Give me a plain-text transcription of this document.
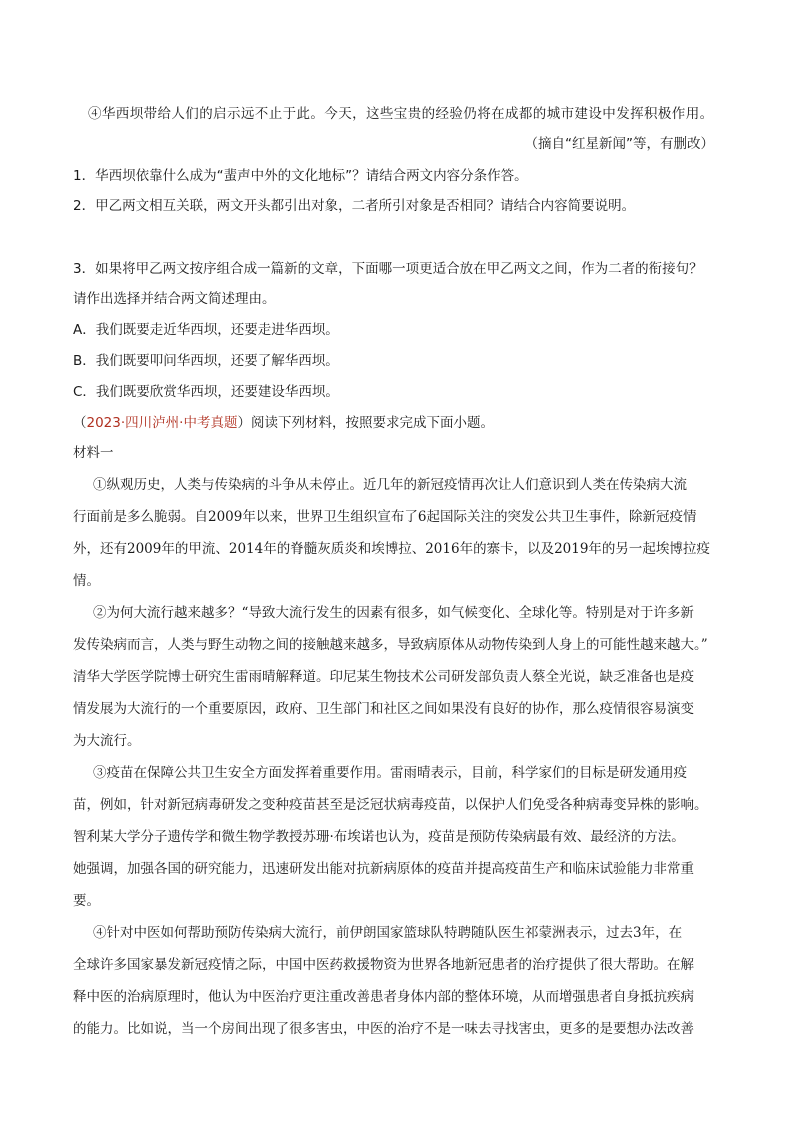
④华西坝带给人们的启示远不止于此。今天，这些宝贵的经验仍将在成都的城市建设中发挥积极作用。
（摘自“红星新闻”等，有删改）
1．华西坝依靠什么成为“蜚声中外的文化地标”？请结合两文内容分条作答。
2．甲乙两文相互关联，两文开头都引出对象，二者所引对象是否相同？请结合内容简要说明。
3．如果将甲乙两文按序组合成一篇新的文章，下面哪一项更适合放在甲乙两文之间，作为二者的衔接句？
请作出选择并结合两文简述理由。
A．我们既要走近华西坝，还要走进华西坝。
B．我们既要叩问华西坝，还要了解华西坝。
C．我们既要欣赏华西坝，还要建设华西坝。
（2023·四川泸州·中考真题）阅读下列材料，按照要求完成下面小题。
材料一
①纵观历史，人类与传染病的斗争从未停止。近几年的新冠疫情再次让人们意识到人类在传染病大流
行面前是多么脆弱。自2009年以来，世界卫生组织宣布了6起国际关注的突发公共卫生事件，除新冠疫情
外，还有2009年的甲流、2014年的脊髓灰质炎和埃博拉、2016年的寨卡，以及2019年的另一起埃博拉疫
情。
②为何大流行越来越多？“导致大流行发生的因素有很多，如气候变化、全球化等。特别是对于许多新
发传染病而言，人类与野生动物之间的接触越来越多，导致病原体从动物传染到人身上的可能性越来越大。”
清华大学医学院博士研究生雷雨晴解释道。印尼某生物技术公司研发部负责人蔡全光说，缺乏准备也是疫
情发展为大流行的一个重要原因，政府、卫生部门和社区之间如果没有良好的协作，那么疫情很容易演变
为大流行。
③疫苗在保障公共卫生安全方面发挥着重要作用。雷雨晴表示，目前，科学家们的目标是研发通用疫
苗，例如，针对新冠病毒研发之变种疫苗甚至是泛冠状病毒疫苗，以保护人们免受各种病毒变异株的影响。
智利某大学分子遗传学和微生物学教授苏珊·布埃诺也认为，疫苗是预防传染病最有效、最经济的方法。
她强调，加强各国的研究能力，迅速研发出能对抗新病原体的疫苗并提高疫苗生产和临床试验能力非常重
要。
④针对中医如何帮助预防传染病大流行，前伊朗国家篮球队特聘随队医生祁蒙洲表示，过去3年，在
全球许多国家暴发新冠疫情之际，中国中医药救援物资为世界各地新冠患者的治疗提供了很大帮助。在解
释中医的治病原理时，他认为中医治疗更注重改善患者身体内部的整体环境，从而增强患者自身抵抗疾病
的能力。比如说，当一个房间出现了很多害虫，中医的治疗不是一味去寻找害虫，更多的是要想办法改善
